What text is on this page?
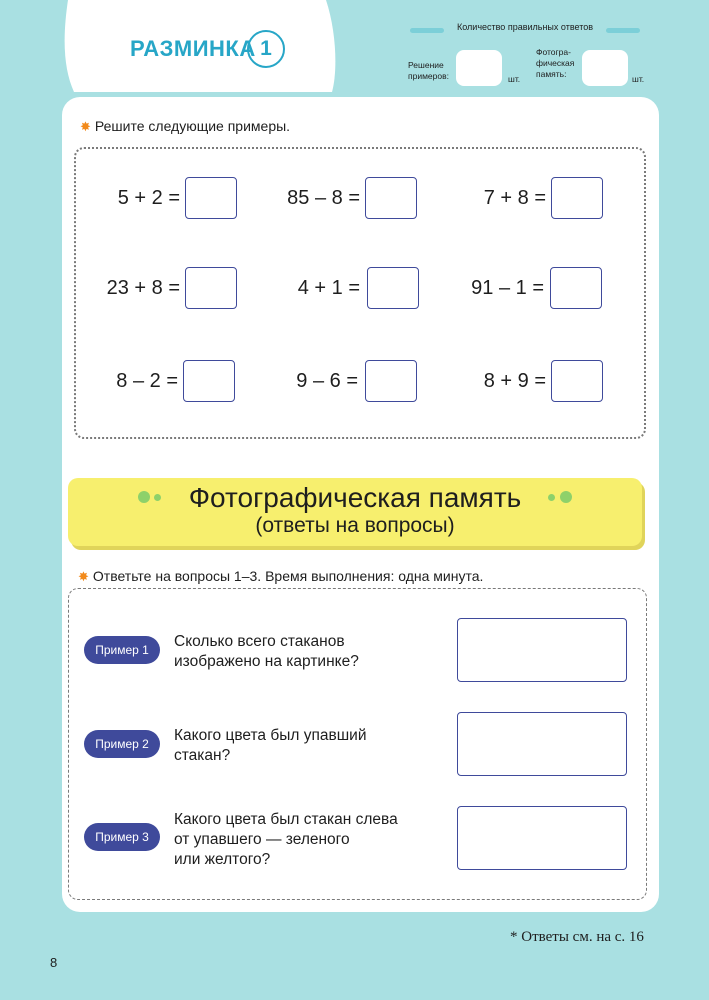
РАЗМИНКА 1
Количество правильных ответов
Решение
примеров:	шт.
Фотогра-
фическая
память:	шт.
✸ Решите следующие примеры.
5 + 2 =	85 – 8 =	7 + 8 =
23 + 8 =	4 + 1 =	91 – 1 =
8 – 2 =	9 – 6 =	8 + 9 =
Фотографическая память
(ответы на вопросы)
✸ Ответьте на вопросы 1–3. Время выполнения: одна минута.
Пример 1	Сколько всего стаканов
изображено на картинке?
Пример 2	Какого цвета был упавший
стакан?
Пример 3
Какого цвета был стакан слева
от упавшего — зеленого
или желтого?
* Ответы см. на с. 16
8
